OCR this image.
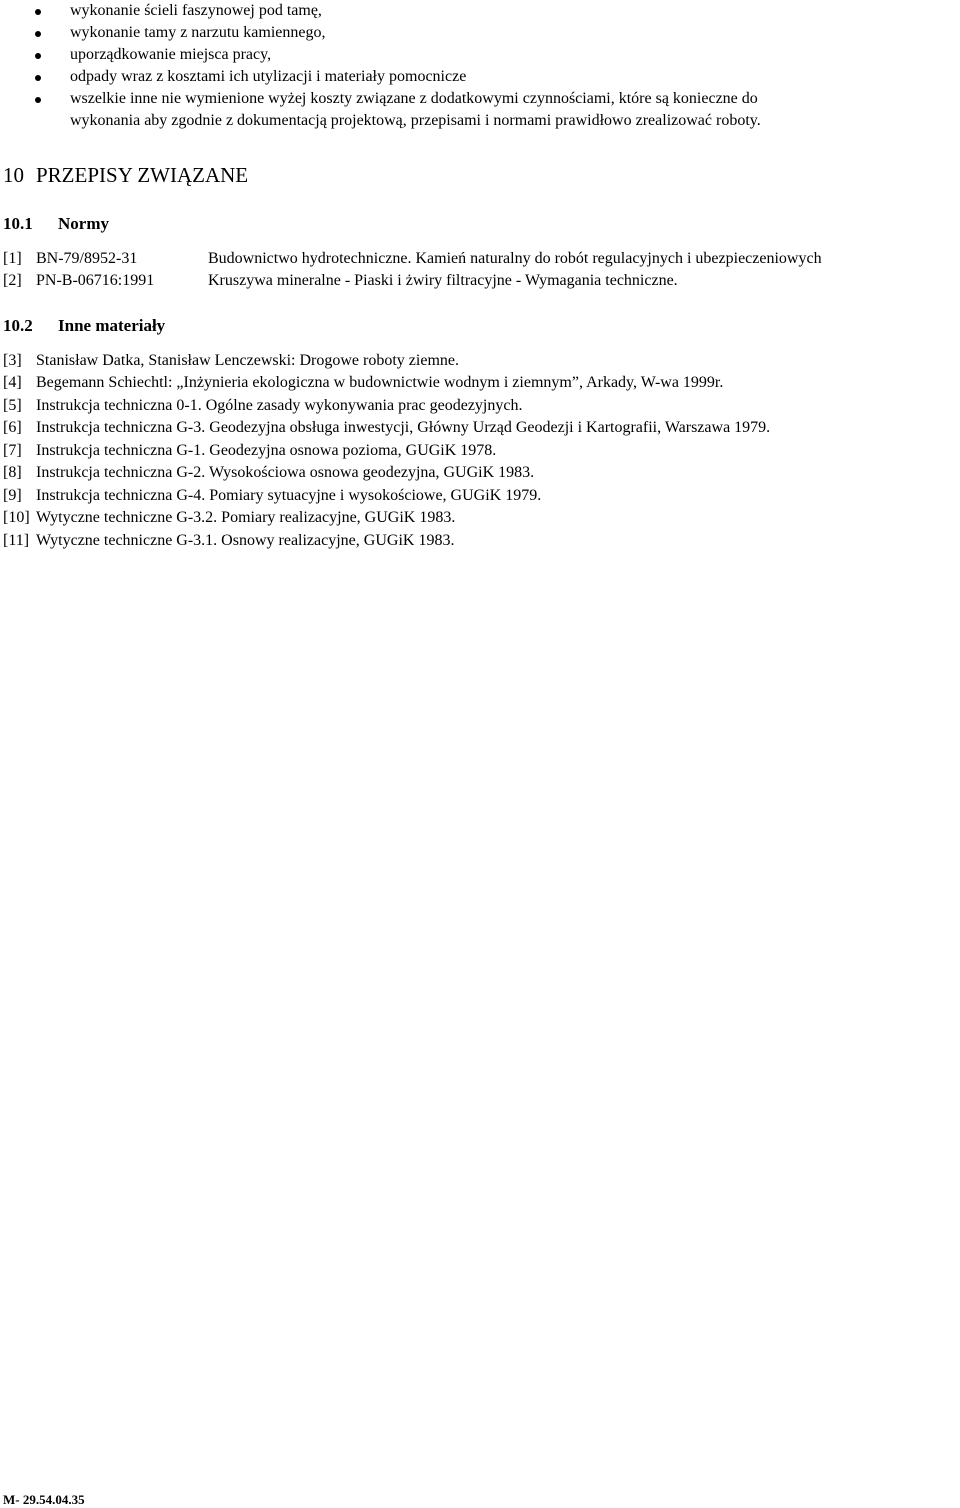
wykonanie ścieli faszynowej pod tamę,
wykonanie tamy z narzutu kamiennego,
uporządkowanie miejsca pracy,
odpady wraz z kosztami ich utylizacji i materiały pomocnicze
wszelkie inne nie wymienione wyżej koszty związane z dodatkowymi czynnościami, które są konieczne do
wykonania aby zgodnie z dokumentacją projektową, przepisami i normami prawidłowo zrealizować roboty.
10 PRZEPISY ZWIĄZANE
10.1 Normy
[1] BN-79/8952-31	Budownictwo hydrotechniczne. Kamień naturalny do robót regulacyjnych i ubezpieczeniowych
[2] PN-B-06716:1991	Kruszywa mineralne - Piaski i żwiry filtracyjne - Wymagania techniczne.
10.2 Inne materiały
[3] Stanisław Datka, Stanisław Lenczewski: Drogowe roboty ziemne.
[4] Begemann Schiechtl: „Inżynieria ekologiczna w budownictwie wodnym i ziemnym”, Arkady, W-wa 1999r.
[5] Instrukcja techniczna 0-1. Ogólne zasady wykonywania prac geodezyjnych.
[6] Instrukcja techniczna G-3. Geodezyjna obsługa inwestycji, Główny Urząd Geodezji i Kartografii, Warszawa 1979.
[7] Instrukcja techniczna G-1. Geodezyjna osnowa pozioma, GUGiK 1978.
[8] Instrukcja techniczna G-2. Wysokościowa osnowa geodezyjna, GUGiK 1983.
[9] Instrukcja techniczna G-4. Pomiary sytuacyjne i wysokościowe, GUGiK 1979.
[10] Wytyczne techniczne G-3.2. Pomiary realizacyjne, GUGiK 1983.
[11] Wytyczne techniczne G-3.1. Osnowy realizacyjne, GUGiK 1983.
M- 29.54.04.35
